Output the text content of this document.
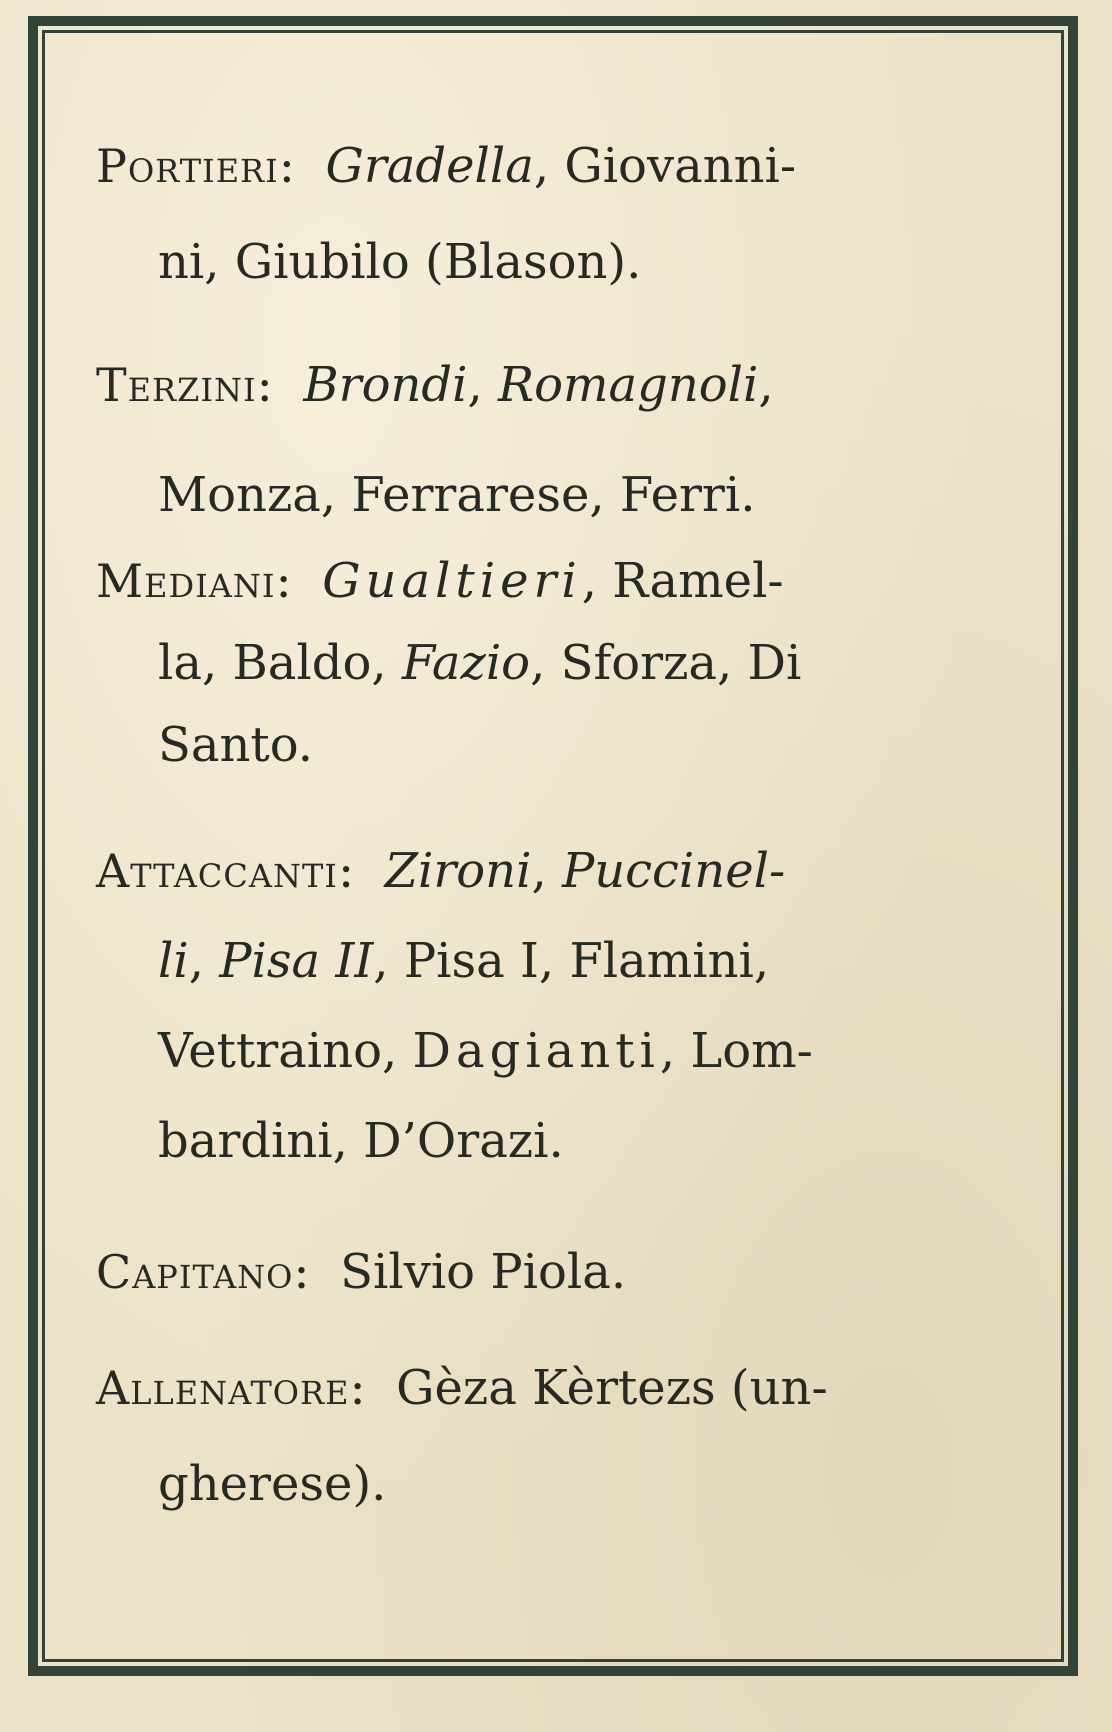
Portieri: Gradella, Giovanni-
ni, Giubilo (Blason).

Terzini: Brondi, Romagnoli,
Monza, Ferrarese, Ferri.

Mediani: Gualtieri, Ramel-
la, Baldo, Fazio, Sforza, Di
Santo.

Attaccanti: Zironi, Puccinel-
li, Pisa II, Pisa I, Flamini,
Vettraino, Dagianti, Lom-
bardini, D’Orazi.

Capitano: Silvio Piola.

Allenatore: Gèza Kèrtezs (un-
gherese).
